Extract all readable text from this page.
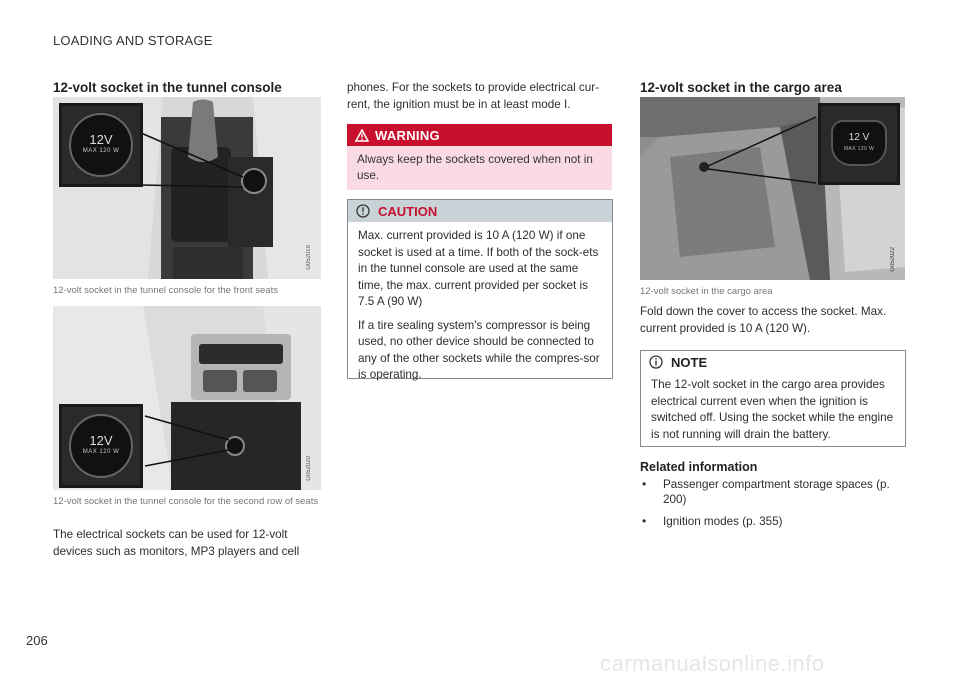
LOADING AND STORAGE
12-volt socket in the tunnel console
12V
MAX 120 W
G052019
12-volt socket in the tunnel console for the front seats
12V
MAX 120 W
G052020
12-volt socket in the tunnel console for the second row of seats
The electrical sockets can be used for 12-volt
devices such as monitors, MP3 players and cell
phones. For the sockets to provide electrical cur-
rent, the ignition must be in at least mode I.
WARNING
Always keep the sockets covered when not in use.
CAUTION

Max. current provided is 10 A (120 W) if one socket is used at a time. If both of the sock-ets in the tunnel console are used at the same time, the max. current provided per socket is 7.5 A (90 W)

If a tire sealing system's compressor is being used, no other device should be connected to any of the other sockets while the compres-sor is operating.

12-volt socket in the cargo area
12 V
MAX 120 W
G052022
12-volt socket in the cargo area
Fold down the cover to access the socket. Max. current provided is 10 A (120 W).
NOTE
The 12-volt socket in the cargo area provides electrical current even when the ignition is switched off. Using the socket while the engine is not running will drain the battery.
Related information
• Passenger compartment storage spaces (p. 200)
• Ignition modes (p. 355)
206
carmanualsonline.info
